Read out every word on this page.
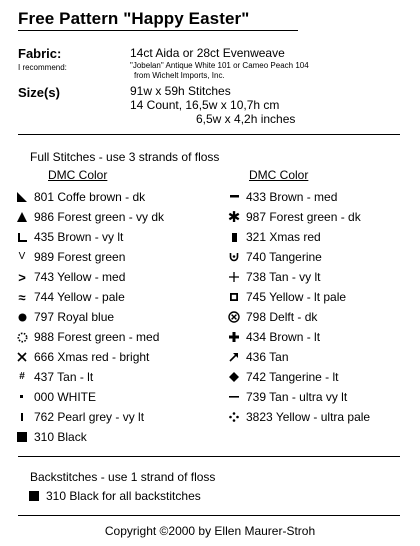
Free Pattern "Happy Easter"
Fabric:	14ct Aida or 28ct Evenweave
I recommend:	"Jobelan" Antique White 101 or Cameo Peach 104
from Wichelt Imports, Inc.
Size(s)	91w x 59h Stitches
14 Count, 16,5w x 10,7h cm
6,5w x 4,2h inches
Full Stitches - use 3 strands of floss
DMC Color	DMC Color
801 Coffe brown - dk
986 Forest green - vy dk
435 Brown - vy lt
V 989 Forest green
> 743 Yellow - med
≈ 744 Yellow - pale
797 Royal blue
988 Forest green - med
666 Xmas red - bright
# 437 Tan - lt
000 WHITE
762 Pearl grey - vy lt
310 Black
433 Brown - med
✱ 987 Forest green - dk
321 Xmas red
740 Tangerine
738 Tan - vy lt
745 Yellow - lt pale
798 Delft - dk
434 Brown - lt
436 Tan
742 Tangerine - lt
739 Tan - ultra vy lt
3823 Yellow - ultra pale
Backstitches - use 1 strand of floss
310 Black for all backstitches
Copyright ©2000 by Ellen Maurer-Stroh
